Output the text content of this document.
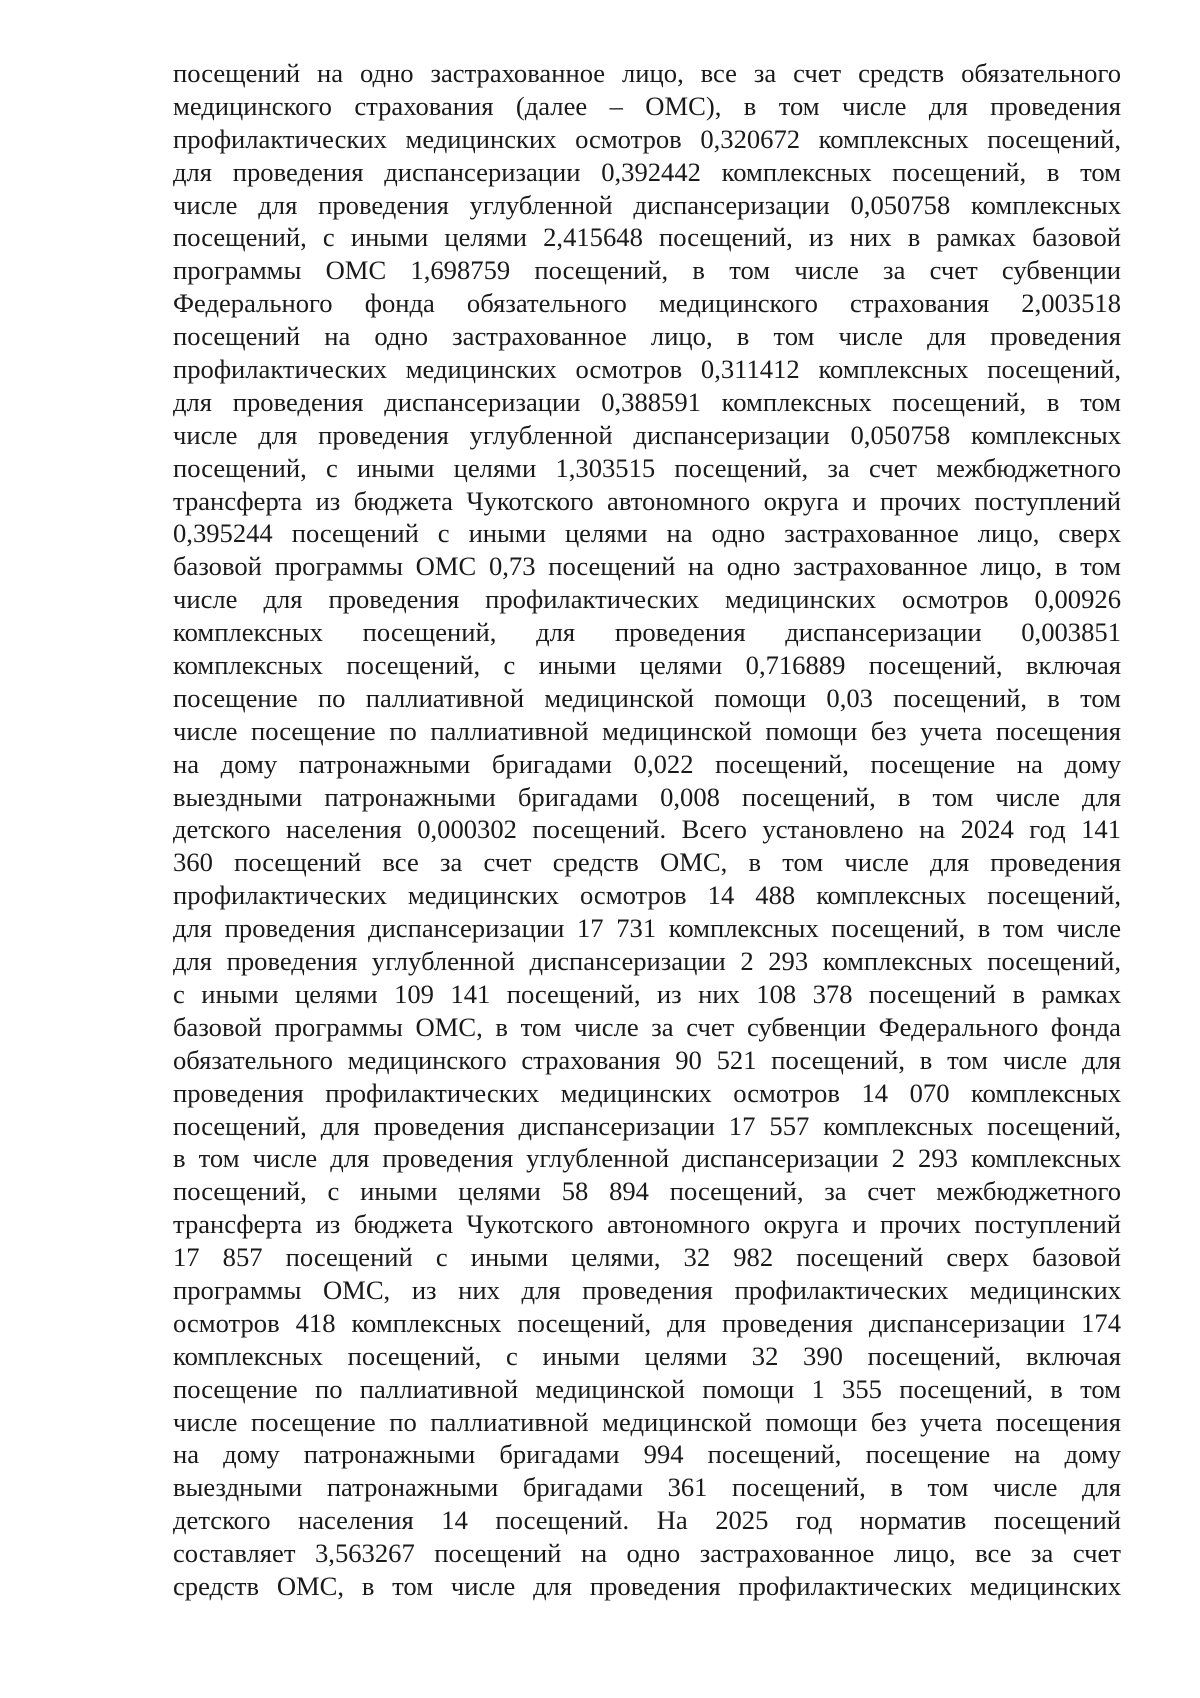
посещений на одно застрахованное лицо, все за счет средств обязательного
медицинского страхования (далее – ОМС), в том числе для проведения
профилактических медицинских осмотров 0,320672 комплексных посещений,
для проведения диспансеризации 0,392442 комплексных посещений, в том
числе для проведения углубленной диспансеризации 0,050758 комплексных
посещений, с иными целями 2,415648 посещений, из них в рамках базовой
программы ОМС 1,698759 посещений, в том числе за счет субвенции
Федерального фонда обязательного медицинского страхования 2,003518
посещений на одно застрахованное лицо, в том числе для проведения
профилактических медицинских осмотров 0,311412 комплексных посещений,
для проведения диспансеризации 0,388591 комплексных посещений, в том
числе для проведения углубленной диспансеризации 0,050758 комплексных
посещений, с иными целями 1,303515 посещений, за счет межбюджетного
трансферта из бюджета Чукотского автономного округа и прочих поступлений
0,395244 посещений с иными целями на одно застрахованное лицо, сверх
базовой программы ОМС 0,73 посещений на одно застрахованное лицо, в том
числе для проведения профилактических медицинских осмотров 0,00926
комплексных посещений, для проведения диспансеризации 0,003851
комплексных посещений, с иными целями 0,716889 посещений, включая
посещение по паллиативной медицинской помощи 0,03 посещений, в том
числе посещение по паллиативной медицинской помощи без учета посещения
на дому патронажными бригадами 0,022 посещений, посещение на дому
выездными патронажными бригадами 0,008 посещений, в том числе для
детского населения 0,000302 посещений. Всего установлено на 2024 год 141
360 посещений все за счет средств ОМС, в том числе для проведения
профилактических медицинских осмотров 14 488 комплексных посещений,
для проведения диспансеризации 17 731 комплексных посещений, в том числе
для проведения углубленной диспансеризации 2 293 комплексных посещений,
с иными целями 109 141 посещений, из них 108 378 посещений в рамках
базовой программы ОМС, в том числе за счет субвенции Федерального фонда
обязательного медицинского страхования 90 521 посещений, в том числе для
проведения профилактических медицинских осмотров 14 070 комплексных
посещений, для проведения диспансеризации 17 557 комплексных посещений,
в том числе для проведения углубленной диспансеризации 2 293 комплексных
посещений, с иными целями 58 894 посещений, за счет межбюджетного
трансферта из бюджета Чукотского автономного округа и прочих поступлений
17 857 посещений с иными целями, 32 982 посещений сверх базовой
программы ОМС, из них для проведения профилактических медицинских
осмотров 418 комплексных посещений, для проведения диспансеризации 174
комплексных посещений, с иными целями 32 390 посещений, включая
посещение по паллиативной медицинской помощи 1 355 посещений, в том
числе посещение по паллиативной медицинской помощи без учета посещения
на дому патронажными бригадами 994 посещений, посещение на дому
выездными патронажными бригадами 361 посещений, в том числе для
детского населения 14 посещений. На 2025 год норматив посещений
составляет 3,563267 посещений на одно застрахованное лицо, все за счет
средств ОМС, в том числе для проведения профилактических медицинских
